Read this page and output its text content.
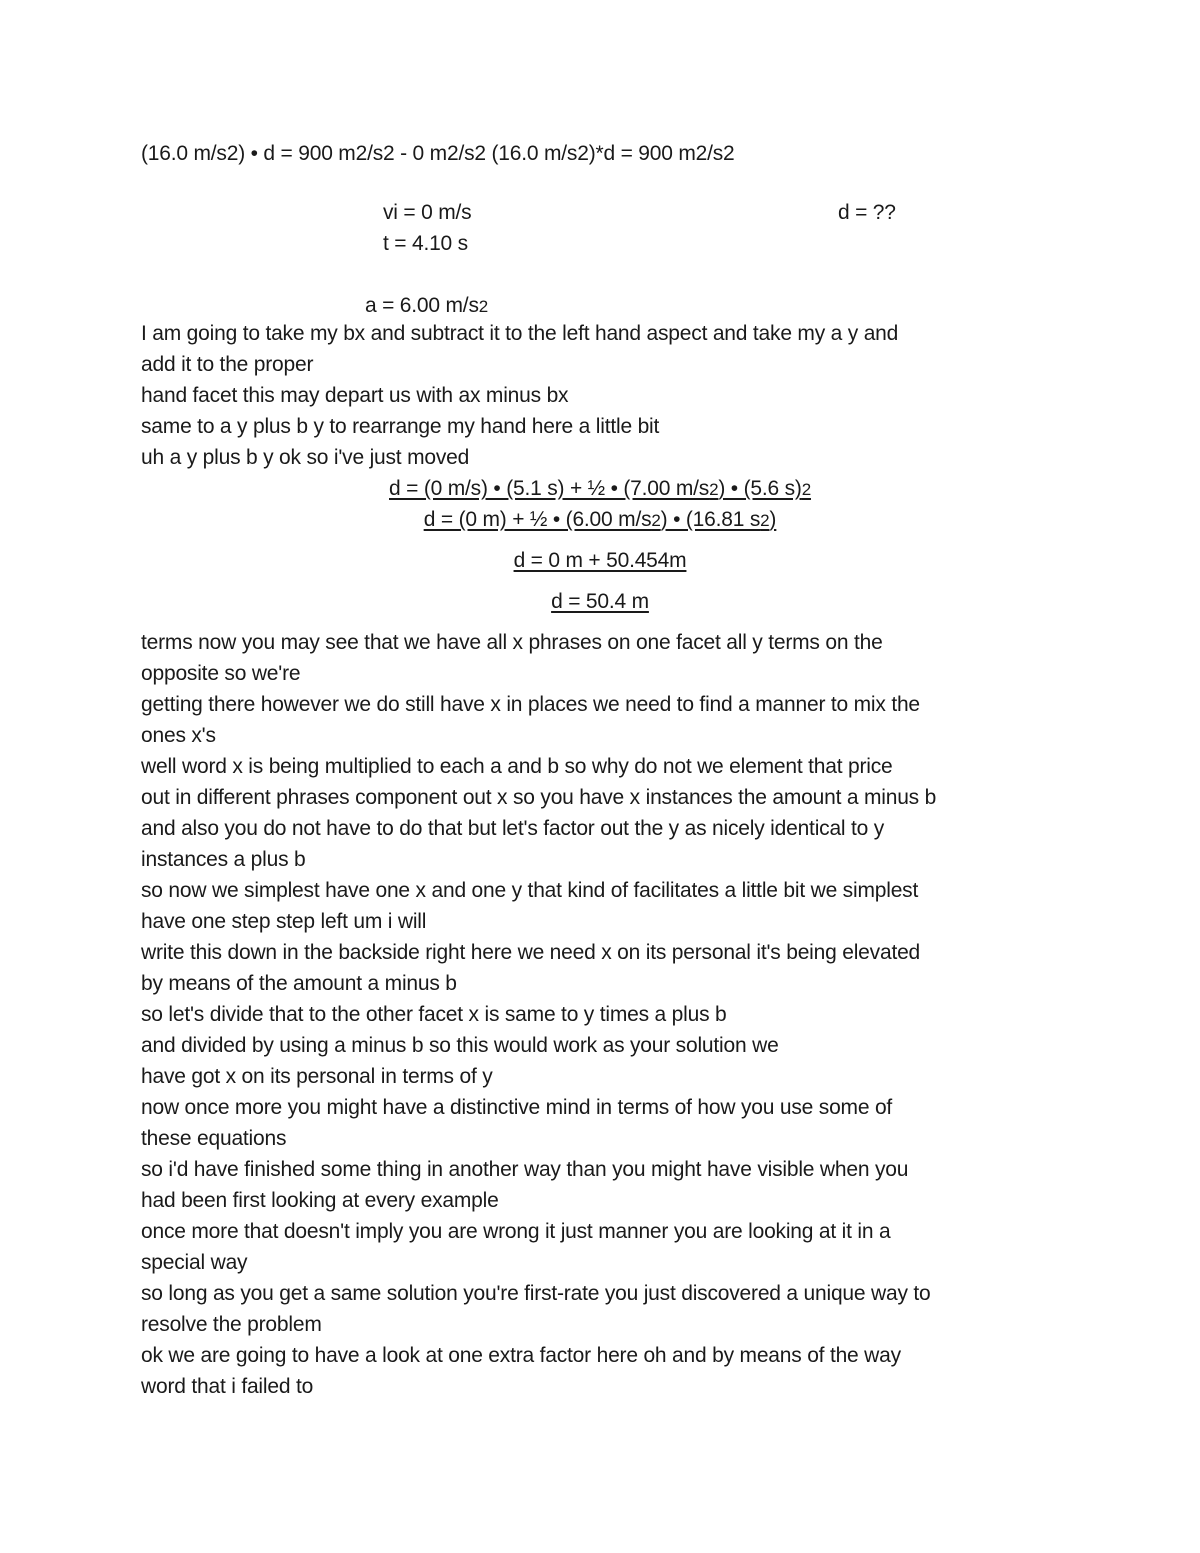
(16.0 m/s2) • d = 900 m2/s2 - 0 m2/s2 (16.0 m/s2)*d = 900 m2/s2
vi = 0 m/s	d = ??
t = 4.10 s
a = 6.00 m/s2

I am going to take my bx and subtract it to the left hand aspect and take my a y and

add it to the proper

hand facet this may depart us with ax minus bx

same to a y plus b y to rearrange my hand here a little bit

uh a y plus b y ok so i've just moved

d = (0 m/s) • (5.1 s) + ½ • (7.00 m/s2) • (5.6 s)2
d = (0 m) + ½ • (6.00 m/s2) • (16.81 s2)
d = 0 m + 50.454m
d = 50.4 m

terms now you may see that we have all x phrases on one facet all y terms on the

opposite so we're

getting there however we do still have x in places we need to find a manner to mix the

ones x's

well word x is being multiplied to each a and b so why do not we element that price

out in different phrases component out x so you have x instances the amount a minus b

and also you do not have to do that but let's factor out the y as nicely identical to y

instances a plus b

so now we simplest have one x and one y that kind of facilitates a little bit we simplest

have one step step left um i will

write this down in the backside right here we need x on its personal it's being elevated

by means of the amount a minus b

so let's divide that to the other facet x is same to y times a plus b

and divided by using a minus b so this would work as your solution we

have got x on its personal in terms of y

now once more you might have a distinctive mind in terms of how you use some of

these equations

so i'd have finished some thing in another way than you might have visible when you

had been first looking at every example

once more that doesn't imply you are wrong it just manner you are looking at it in a

special way

so long as you get a same solution you're first-rate you just discovered a unique way to

resolve the problem

ok we are going to have a look at one extra factor here oh and by means of the way

word that i failed to
